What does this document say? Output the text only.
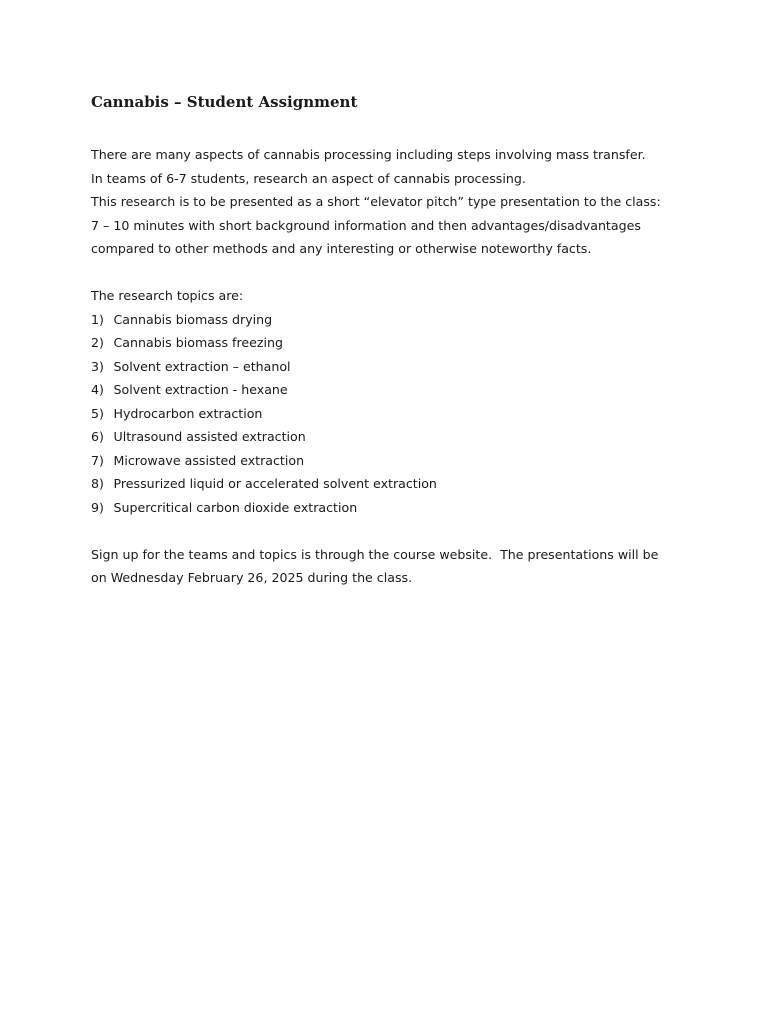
Cannabis – Student Assignment
There are many aspects of cannabis processing including steps involving mass transfer.
In teams of 6-7 students, research an aspect of cannabis processing.
This research is to be presented as a short “elevator pitch” type presentation to the class:
7 – 10 minutes with short background information and then advantages/disadvantages
compared to other methods and any interesting or otherwise noteworthy facts.
The research topics are:
1) Cannabis biomass drying
2) Cannabis biomass freezing
3) Solvent extraction – ethanol
4) Solvent extraction - hexane
5) Hydrocarbon extraction
6) Ultrasound assisted extraction
7) Microwave assisted extraction
8) Pressurized liquid or accelerated solvent extraction
9) Supercritical carbon dioxide extraction
Sign up for the teams and topics is through the course website.  The presentations will be
on Wednesday February 26, 2025 during the class.
